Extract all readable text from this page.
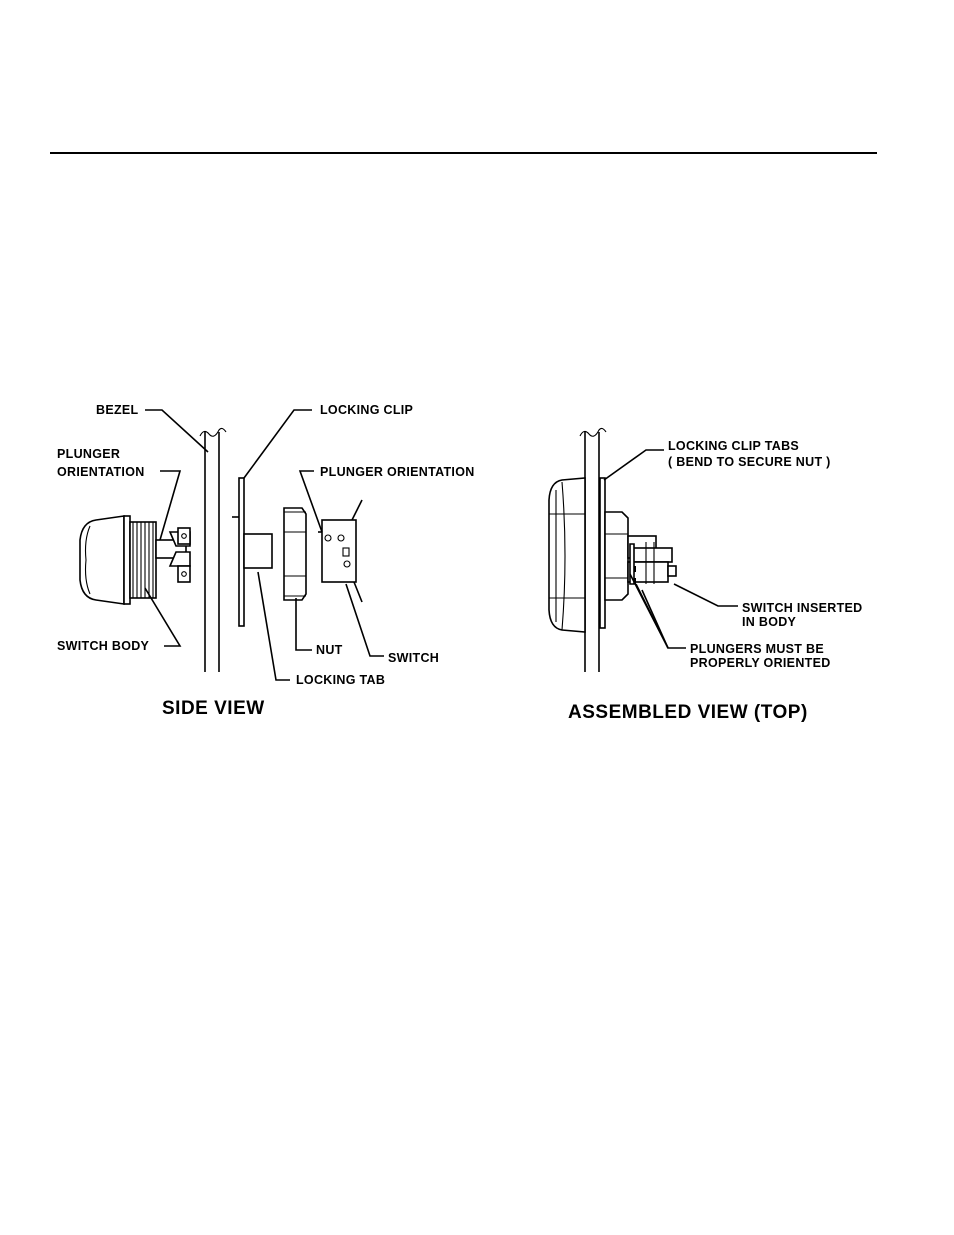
BEZEL
PLUNGER
ORIENTATION
SWITCH BODY
LOCKING CLIP
PLUNGER ORIENTATION
NUT
SWITCH
LOCKING TAB
SIDE VIEW
LOCKING CLIP TABS
( BEND TO SECURE NUT )
SWITCH INSERTED
IN BODY
PLUNGERS MUST BE
PROPERLY ORIENTED
ASSEMBLED VIEW (TOP)
